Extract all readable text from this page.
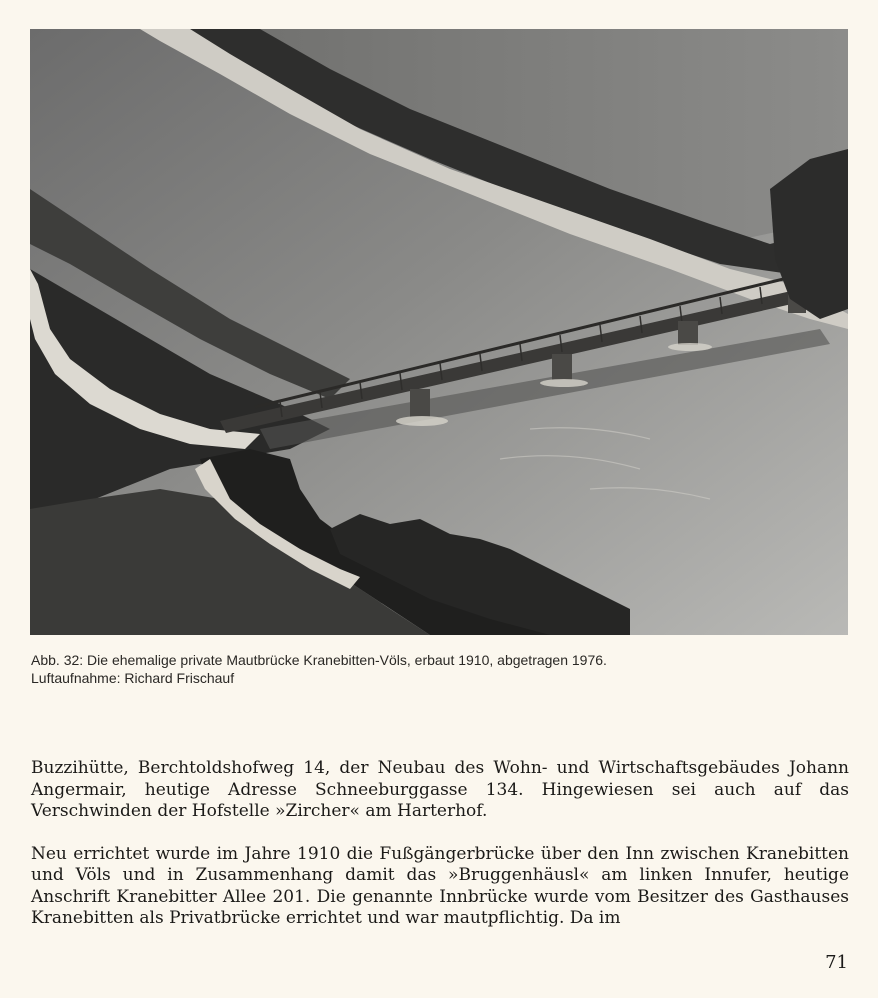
Abb. 32: Die ehemalige private Mautbrücke Kranebitten-Völs, erbaut 1910, abgetragen 1976.

Luftaufnahme: Richard Frischauf

Buzzihütte, Berchtoldshofweg 14, der Neubau des Wohn- und Wirtschaftsgebäudes Johann Angermair, heutige Adresse Schneeburggasse 134. Hingewiesen sei auch auf das Verschwinden der Hofstelle »Zircher« am Harterhof.

Neu errichtet wurde im Jahre 1910 die Fußgängerbrücke über den Inn zwischen Kranebitten und Völs und in Zusammenhang damit das »Bruggenhäusl« am linken Innufer, heutige Anschrift Kranebitter Allee 201. Die genannte Innbrücke wurde vom Besitzer des Gasthauses Kranebitten als Privatbrücke errichtet und war mautpflichtig. Da im

71
